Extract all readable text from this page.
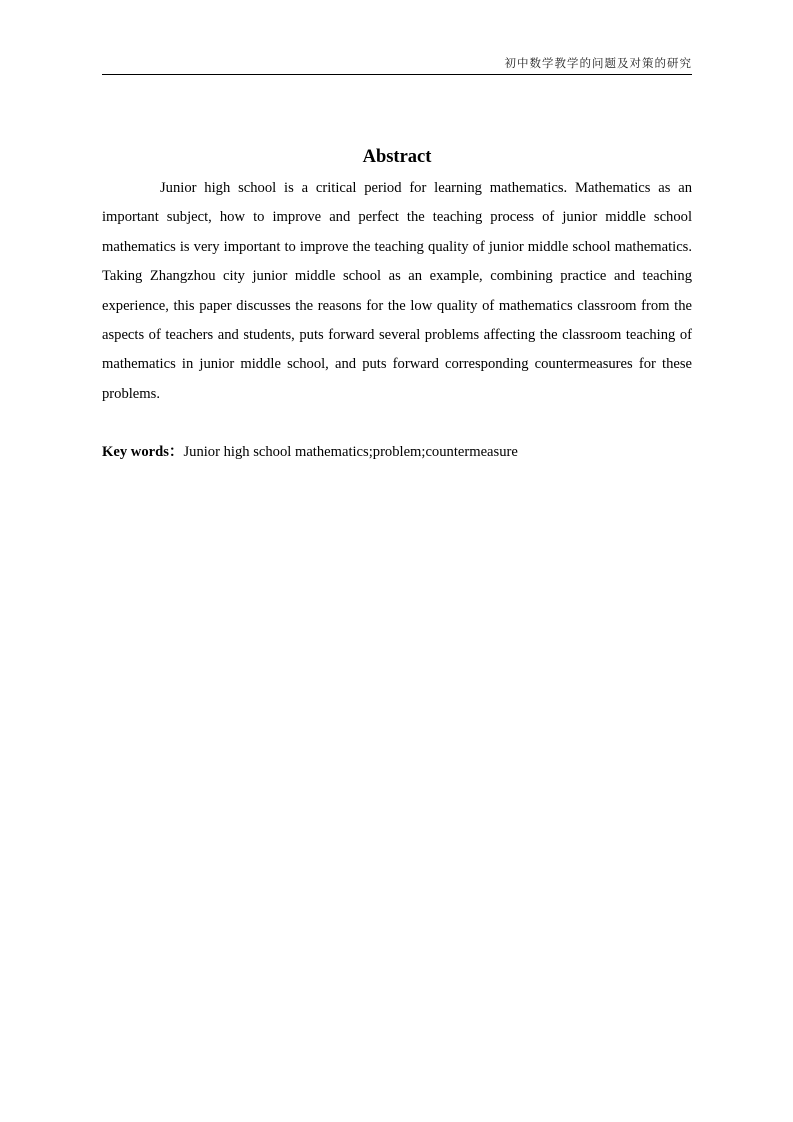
初中数学教学的问题及对策的研究
Abstract

Junior high school is a critical period for learning mathematics. Mathematics as an important subject, how to improve and perfect the teaching process of junior middle school mathematics is very important to improve the teaching quality of junior middle school mathematics. Taking Zhangzhou city junior middle school as an example, combining practice and teaching experience, this paper discusses the reasons for the low quality of mathematics classroom from the aspects of teachers and students, puts forward several problems affecting the classroom teaching of mathematics in junior middle school, and puts forward corresponding countermeasures for these problems.

Key words：Junior high school mathematics;problem;countermeasure
